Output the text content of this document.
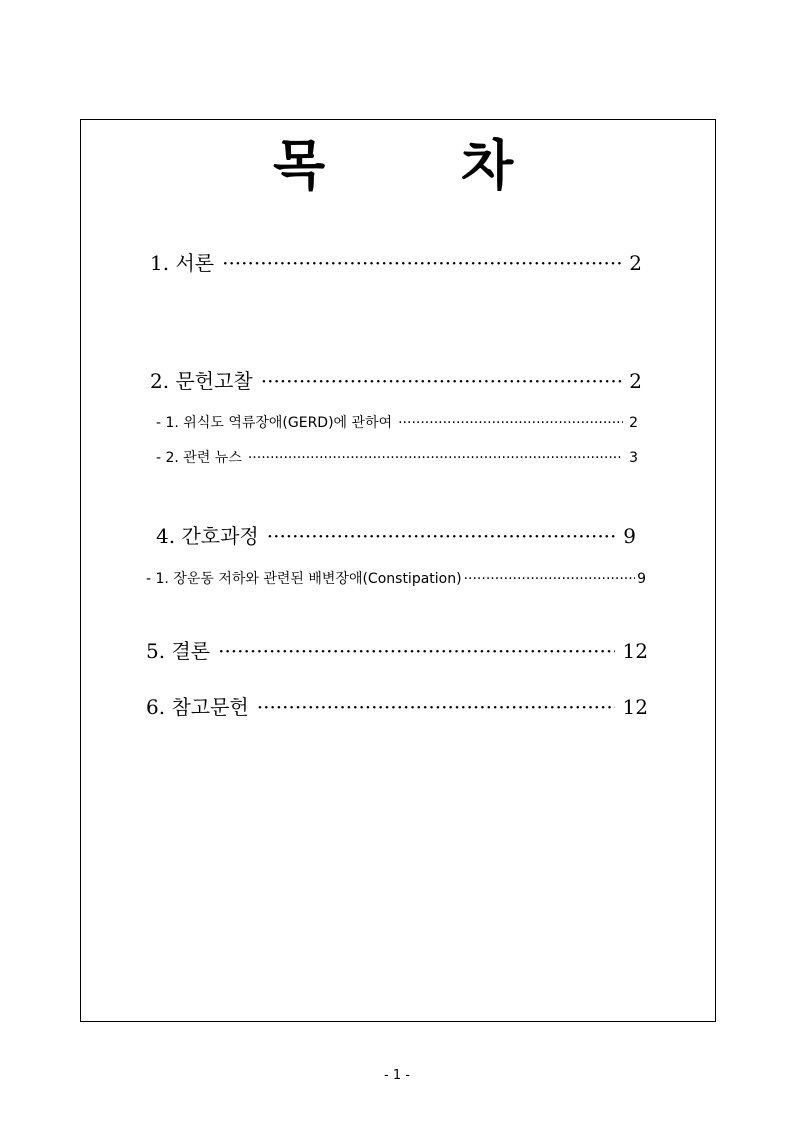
목	차
1. 서론 ·····	2
2. 문헌고찰 ·····	2
- 1. 위식도 역류장애(GERD)에 관하여 ·····	2
- 2. 관련 뉴스 ·····	3
4. 간호과정 ·····	9
- 1. 장운동 저하와 관련된 배변장애(Constipation) ·····	9
5. 결론 ·····	12
6. 참고문헌 ·····	12
- 1 -
